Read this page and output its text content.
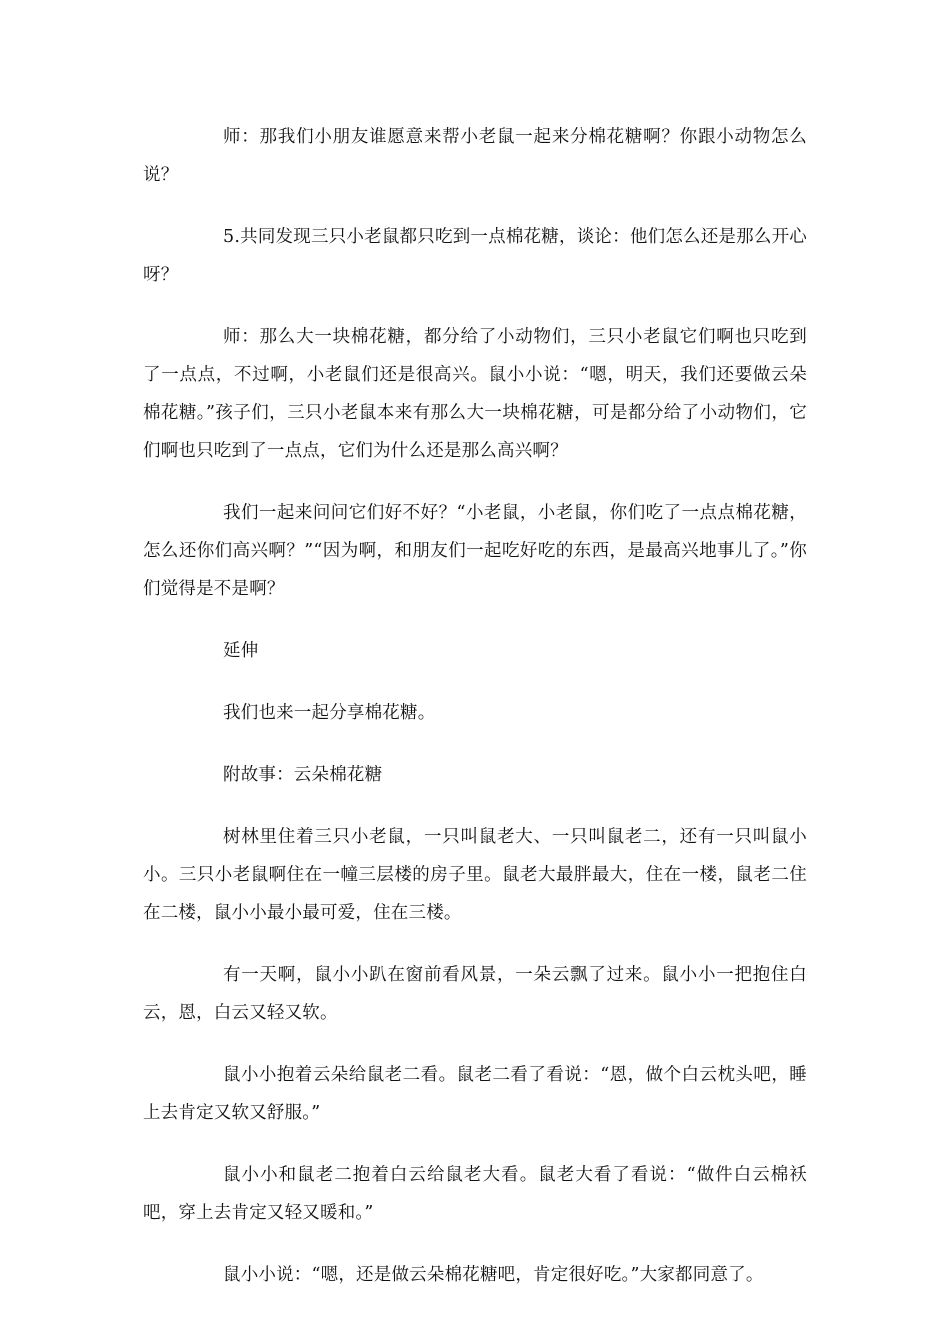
师：那我们小朋友谁愿意来帮小老鼠一起来分棉花糖啊？你跟小动物怎么说？

5.共同发现三只小老鼠都只吃到一点棉花糖，谈论：他们怎么还是那么开心呀？

师：那么大一块棉花糖，都分给了小动物们，三只小老鼠它们啊也只吃到了一点点，不过啊，小老鼠们还是很高兴。鼠小小说：“嗯，明天，我们还要做云朵棉花糖。”孩子们，三只小老鼠本来有那么大一块棉花糖，可是都分给了小动物们，它们啊也只吃到了一点点，它们为什么还是那么高兴啊？

我们一起来问问它们好不好？“小老鼠，小老鼠，你们吃了一点点棉花糖，怎么还你们高兴啊？”“因为啊，和朋友们一起吃好吃的东西，是最高兴地事儿了。”你们觉得是不是啊？

延伸

我们也来一起分享棉花糖。

附故事：云朵棉花糖

树林里住着三只小老鼠，一只叫鼠老大、一只叫鼠老二，还有一只叫鼠小小。三只小老鼠啊住在一幢三层楼的房子里。鼠老大最胖最大，住在一楼，鼠老二住在二楼，鼠小小最小最可爱，住在三楼。

有一天啊，鼠小小趴在窗前看风景，一朵云飘了过来。鼠小小一把抱住白云，恩，白云又轻又软。

鼠小小抱着云朵给鼠老二看。鼠老二看了看说：“恩，做个白云枕头吧，睡上去肯定又软又舒服。”

鼠小小和鼠老二抱着白云给鼠老大看。鼠老大看了看说：“做件白云棉袄吧，穿上去肯定又轻又暖和。”

鼠小小说：“嗯，还是做云朵棉花糖吧，肯定很好吃。”大家都同意了。
